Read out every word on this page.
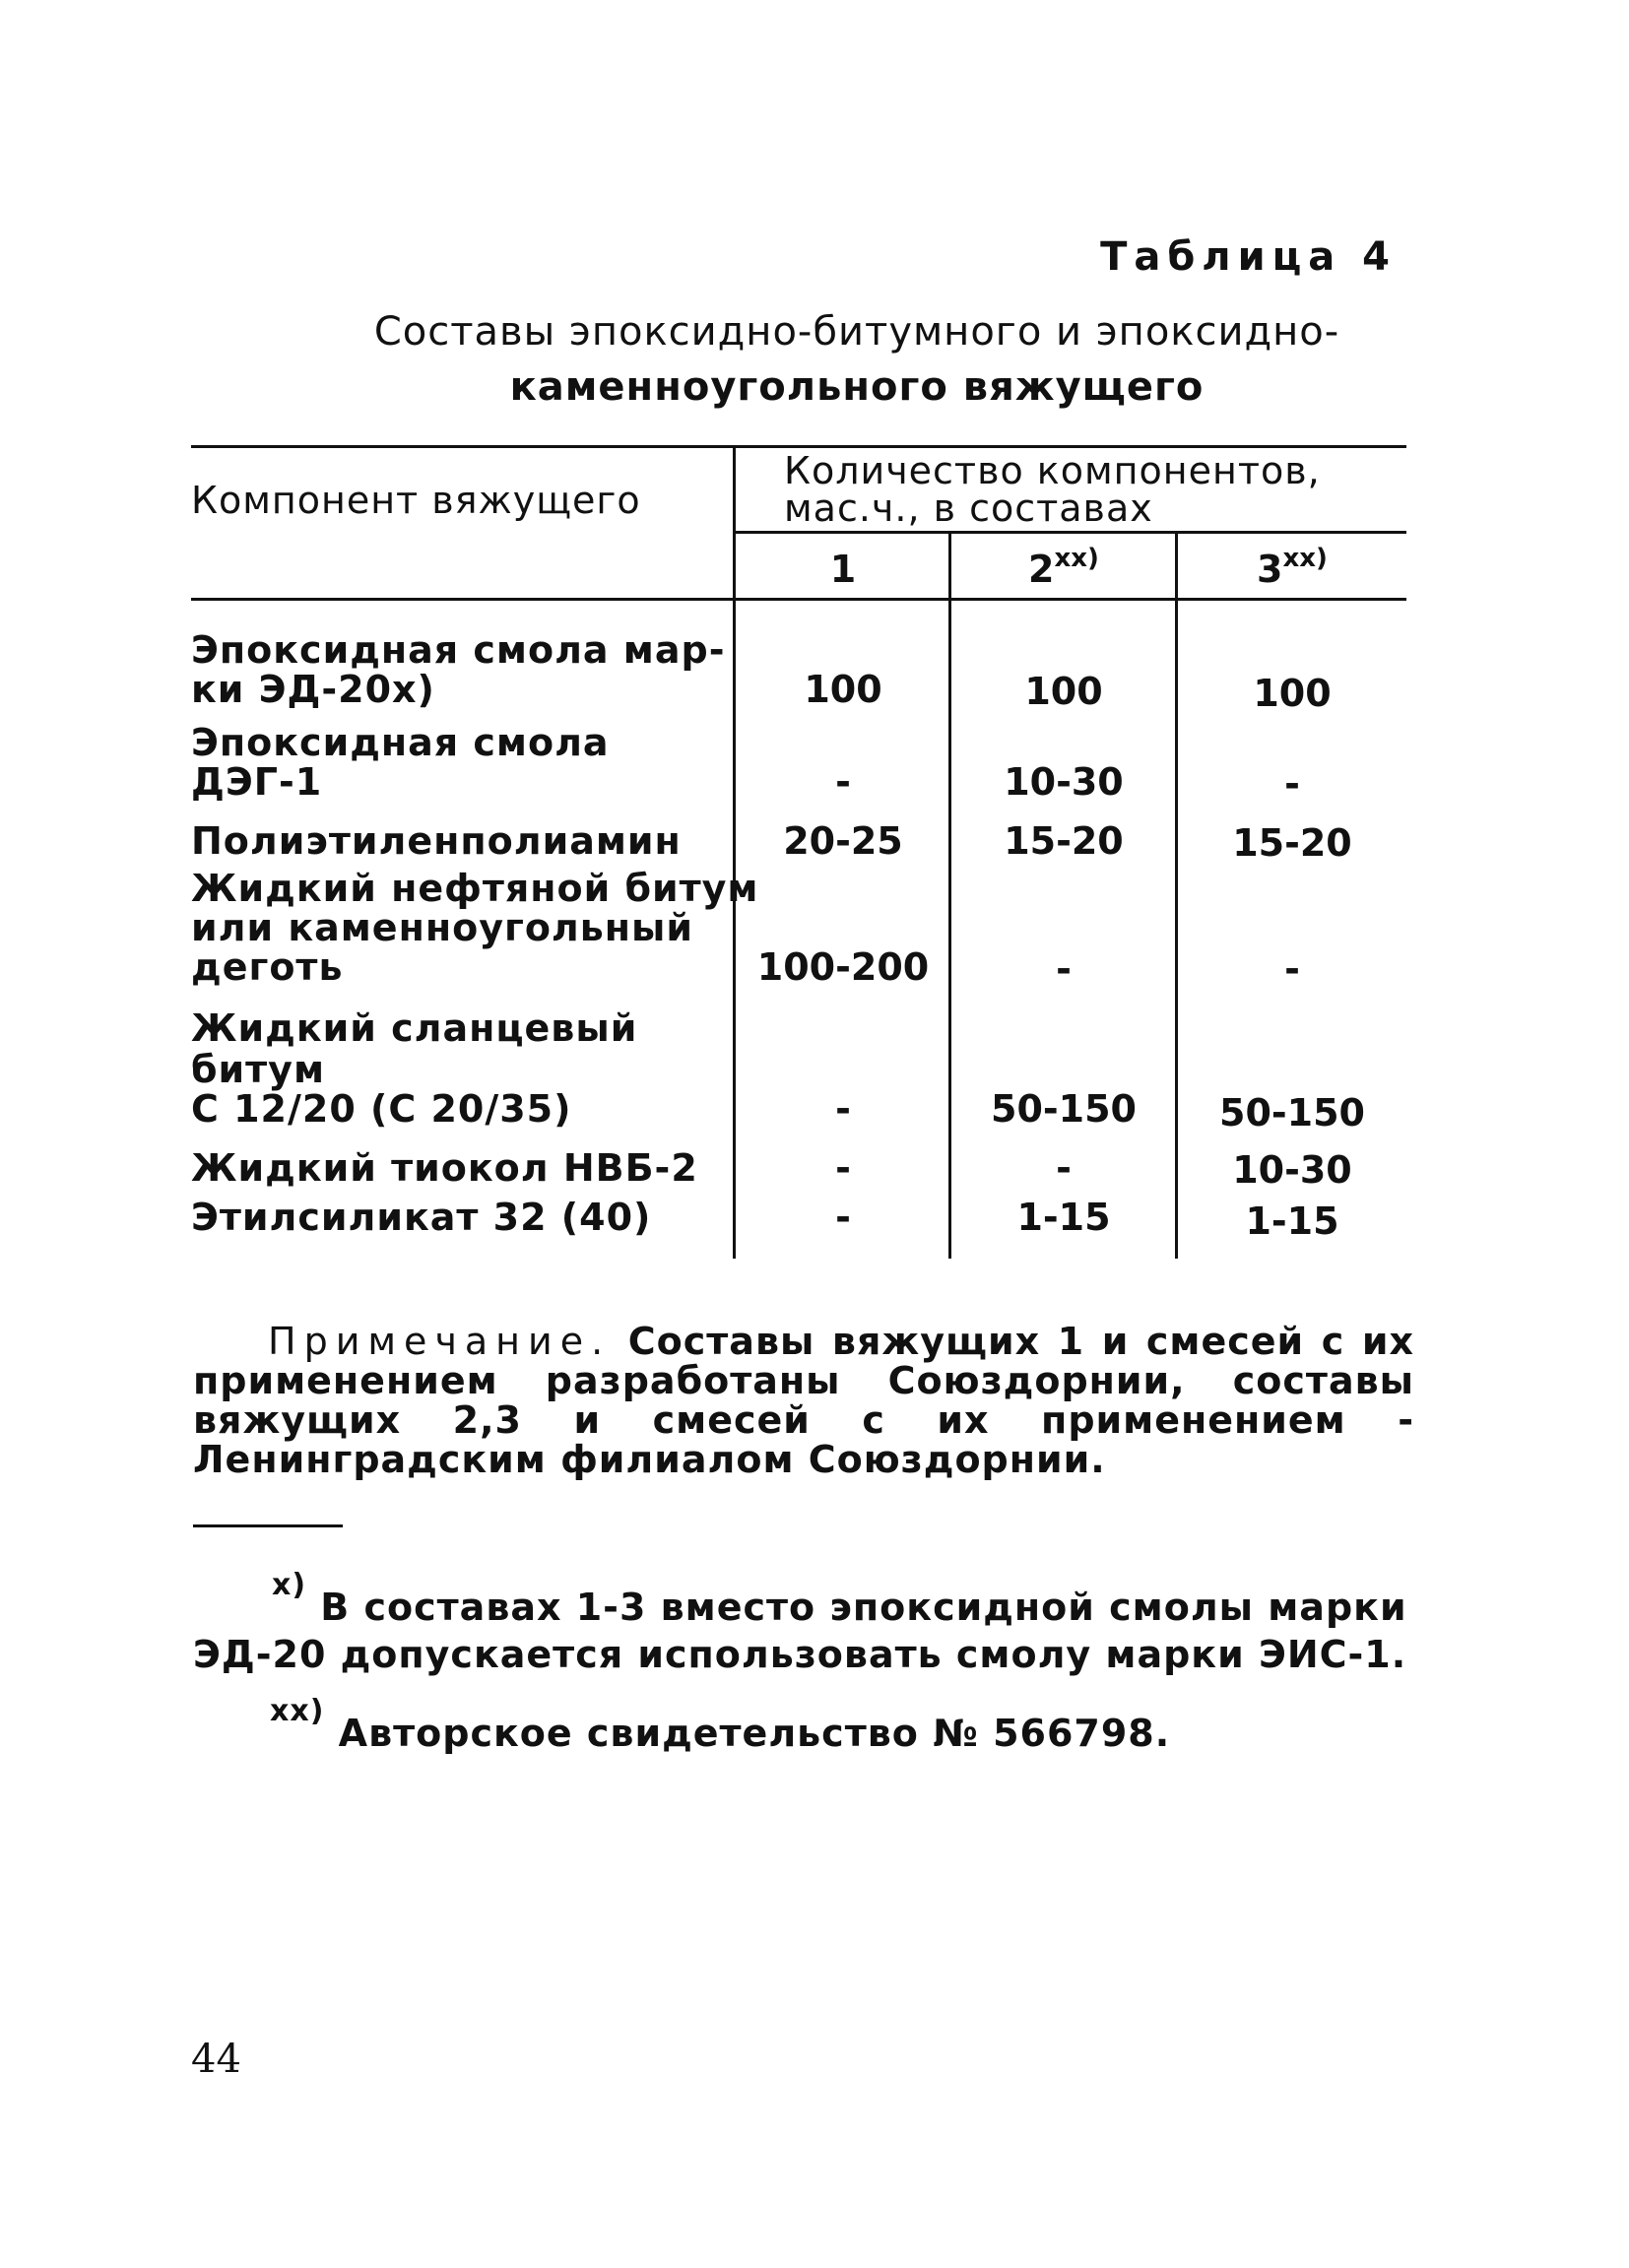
Таблица 4
Составы эпоксидно-битумного и эпоксидно-
каменноугольного вяжущего
Компонент вяжущего
Количество компонентов,
мас.ч., в составах
1	2$^{xx)}$	3$^{xx)}$
Эпоксидная смола мар-
ки ЭД-20х)	100	100	100
Эпоксидная смола
ДЭГ-1	-	10-30	-
Полиэтиленполиамин	20-25	15-20	15-20
Жидкий нефтяной битум
или каменноугольный
деготь	100-200	-	-
Жидкий сланцевый
битум
С 12/20 (С 20/35)	-	50-150	50-150
Жидкий тиокол НВБ-2	-	-	10-30
Этилсиликат 32 (40)	-	1-15	1-15
Примечание. Составы вяжущих 1 и смесей с их применением разработаны Союздорнии, составы вяжущих 2,3 и смесей с их применением - Ленинградским филиалом Союздорнии.
$^{х)}$ В составах 1-3 вместо эпоксидной смолы марки
ЭД-20 допускается использовать смолу марки ЭИС-1.
$^{хх)}$ Авторское свидетельство № 566798.
44
